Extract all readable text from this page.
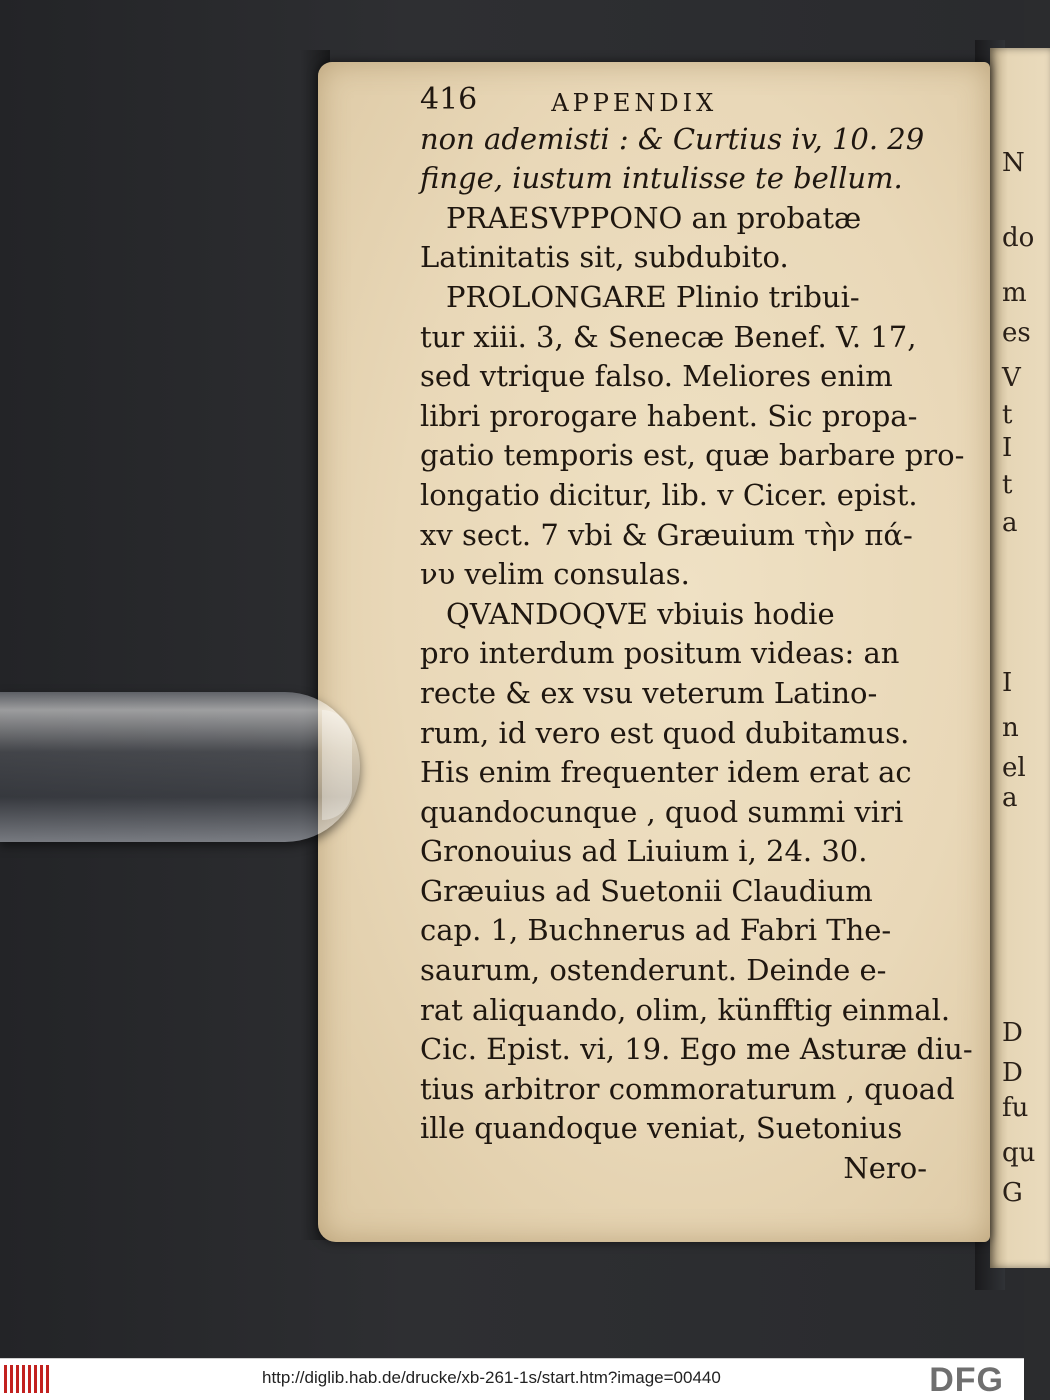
N
do
m
es
V
t
I
t
a
I
n
el
a
D
D
fu
qu
G
416	APPENDIX
non ademisti : & Curtius iv, 10. 29
finge, iustum intulisse te bellum.
PRAESVPPONO an probatæ
Latinitatis sit, subdubito.
PROLONGARE Plinio tribui-
tur xiii. 3, & Senecæ Benef. V. 17,
sed vtrique falso. Meliores enim
libri prorogare habent. Sic propa-
gatio temporis est, quæ barbare pro-
longatio dicitur, lib. v Cicer. epist.
xv sect. 7 vbi & Græuium τὴν πά-
νυ velim consulas.
QVANDOQVE vbiuis hodie
pro interdum positum videas: an
recte & ex vsu veterum Latino-
rum, id vero est quod dubitamus.
His enim frequenter idem erat ac
quandocunque , quod summi viri
Gronouius ad Liuium i, 24. 30.
Græuius ad Suetonii Claudium
cap. 1, Buchnerus ad Fabri The-
saurum, ostenderunt. Deinde e-
rat aliquando, olim, künfftig einmal.
Cic. Epist. vi, 19. Ego me Asturæ diu-
tius arbitror commoraturum , quoad
ille quandoque veniat, Suetonius
Nero-
http://diglib.hab.de/drucke/xb-261-1s/start.htm?image=00440	DFG
